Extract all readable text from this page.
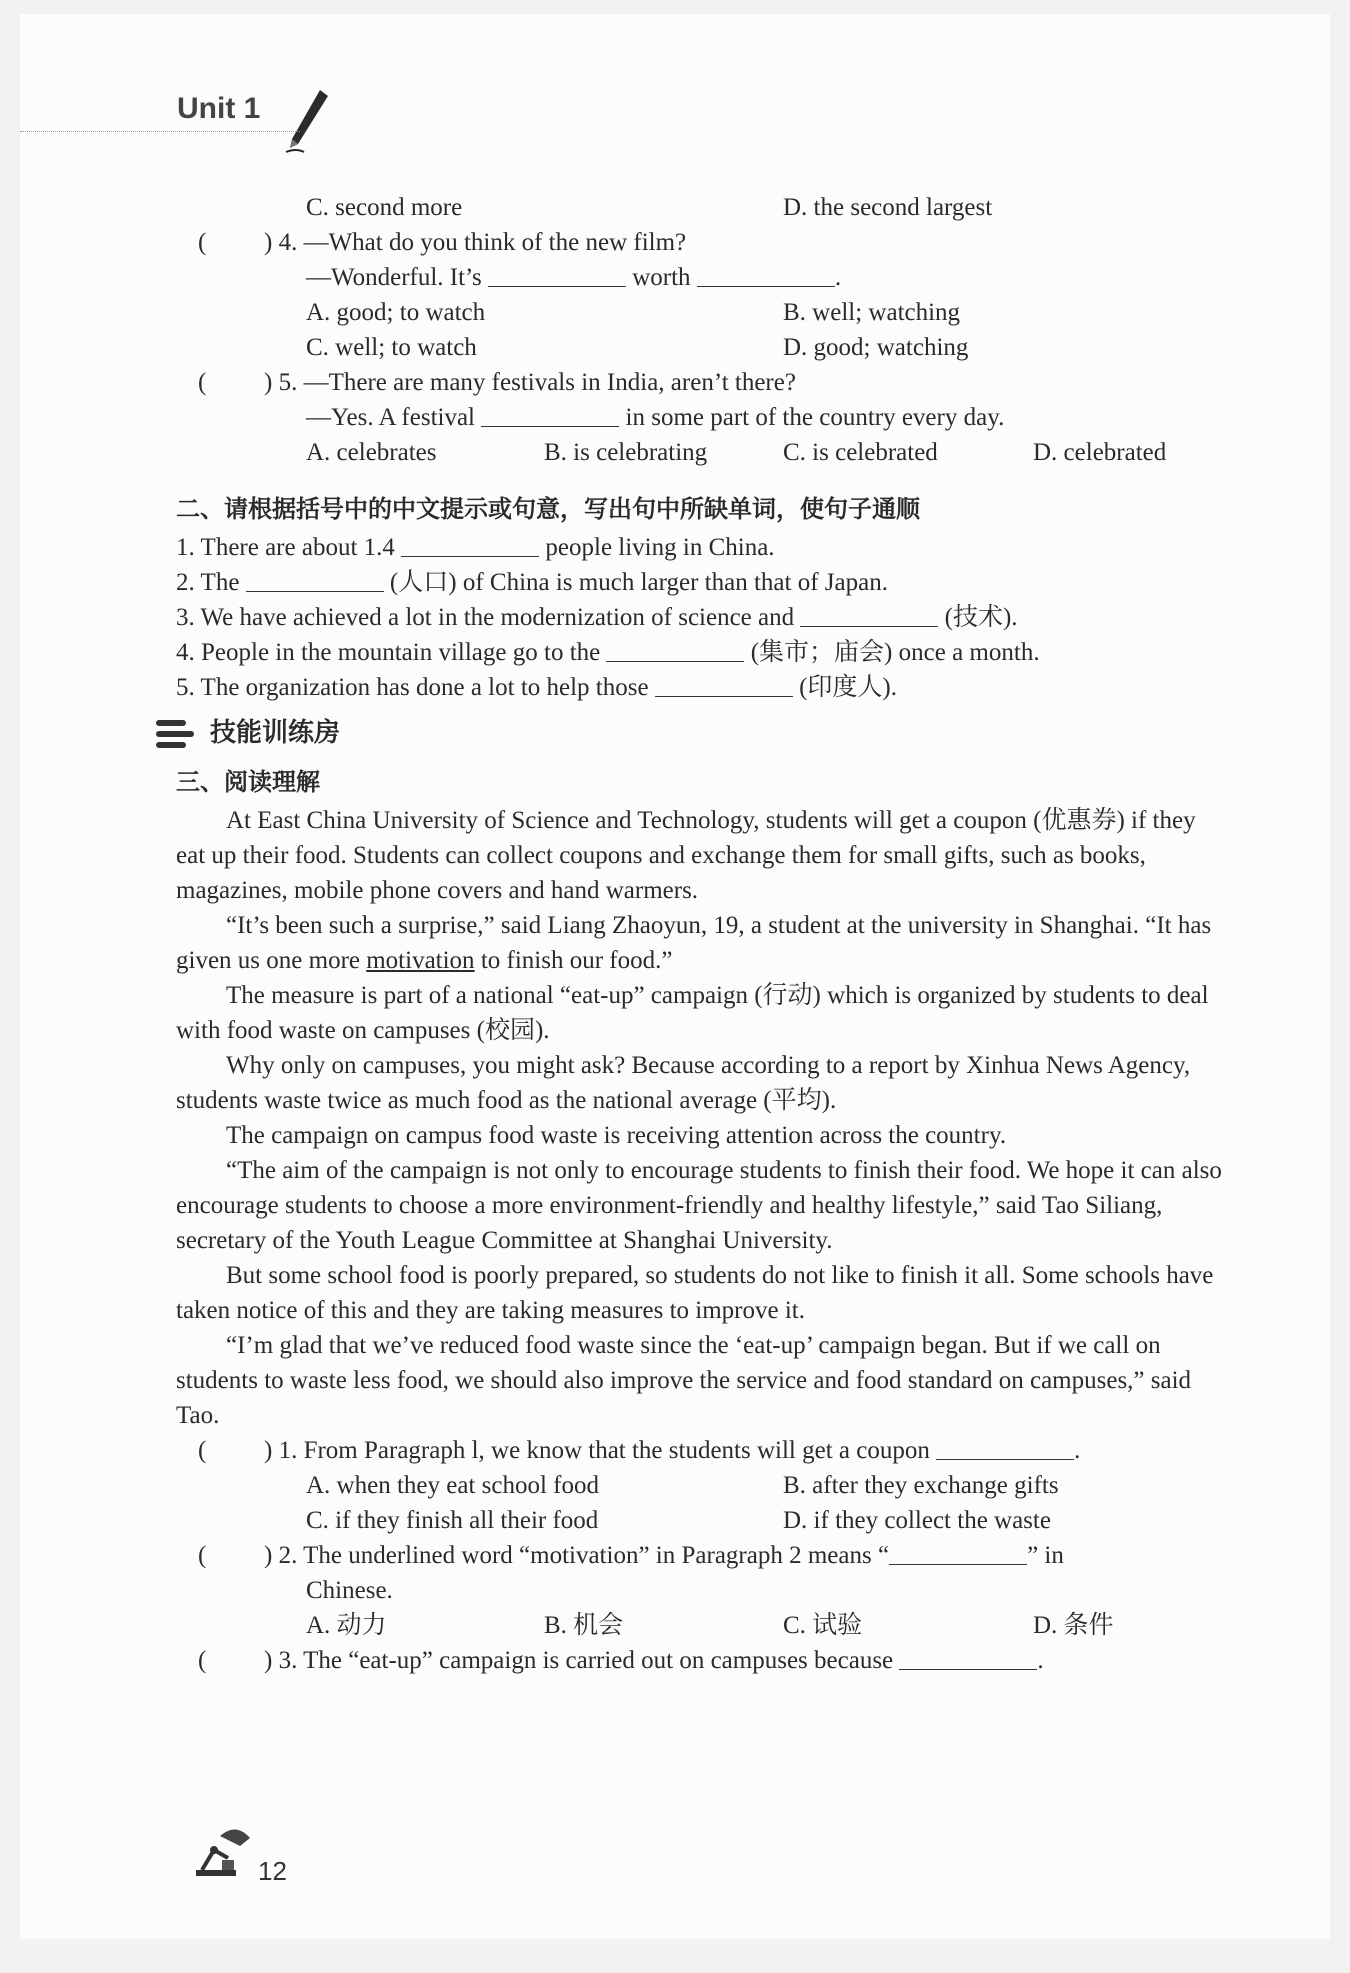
Unit 1
C. second more	D. the second largest
( ) 4. —What do you think of the new film?
—Wonderful. It’s	worth	.
A. good; to watch	B. well; watching
C. well; to watch	D. good; watching
( ) 5. —There are many festivals in India, aren’t there?
—Yes. A festival	in some part of the country every day.
A. celebrates	B. is celebrating	C. is celebrated	D. celebrated
二、请根据括号中的中文提示或句意，写出句中所缺单词，使句子通顺
1. There are about 1.4	people living in China.
2. The	(人口) of China is much larger than that of Japan.
3. We have achieved a lot in the modernization of science and	(技术).
4. People in the mountain village go to the	(集市；庙会) once a month.
5. The organization has done a lot to help those	(印度人).
技能训练房
三、阅读理解

At East China University of Science and Technology, students will get a coupon (优惠券) if they eat up their food. Students can collect coupons and exchange them for small gifts, such as books, magazines, mobile phone covers and hand warmers.

“It’s been such a surprise,” said Liang Zhaoyun, 19, a student at the university in Shanghai. “It has given us one more motivation to finish our food.”

The measure is part of a national “eat-up” campaign (行动) which is organized by students to deal with food waste on campuses (校园).

Why only on campuses, you might ask? Because according to a report by Xinhua News Agency, students waste twice as much food as the national average (平均).

The campaign on campus food waste is receiving attention across the country.

“The aim of the campaign is not only to encourage students to finish their food. We hope it can also encourage students to choose a more environment-friendly and healthy lifestyle,” said Tao Siliang, secretary of the Youth League Committee at Shanghai University.

But some school food is poorly prepared, so students do not like to finish it all. Some schools have taken notice of this and they are taking measures to improve it.

“I’m glad that we’ve reduced food waste since the ‘eat-up’ campaign began. But if we call on students to waste less food, we should also improve the service and food standard on campuses,” said Tao.

( ) 1. From Paragraph l, we know that the students will get a coupon	.
A. when they eat school food	B. after they exchange gifts
C. if they finish all their food	D. if they collect the waste
( ) 2. The underlined word “motivation” in Paragraph 2 means “	” in
Chinese.
A. 动力	B. 机会	C. 试验	D. 条件
( ) 3. The “eat-up” campaign is carried out on campuses because	.
12
